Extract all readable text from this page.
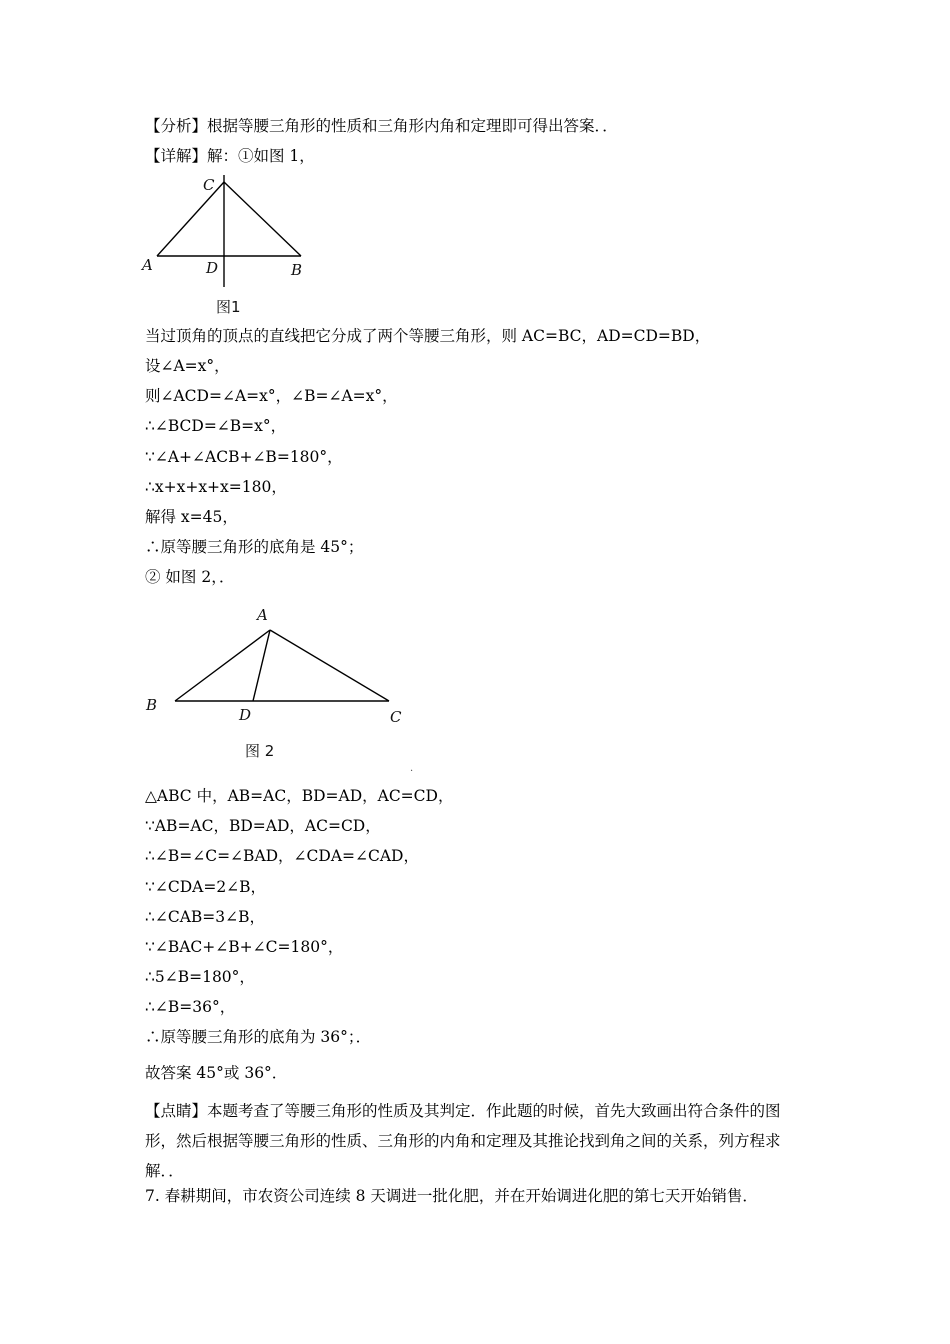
【分析】根据等腰三角形的性质和三角形内角和定理即可得出答案．．
【详解】解：①如图 1，
C
A	D	B
图1
当过顶角的顶点的直线把它分成了两个等腰三角形，则 AC=BC，AD=CD=BD，
设∠A=x°，
则∠ACD=∠A=x°，∠B=∠A=x°，
∴∠BCD=∠B=x°，
∵∠A+∠ACB+∠B=180°，
∴x+x+x+x=180，
解得 x=45，
∴原等腰三角形的底角是 45°；
② 如图 2，．
A
B
D	C
图 2
·
△ABC 中，AB=AC，BD=AD，AC=CD，
∵AB=AC，BD=AD，AC=CD，
∴∠B=∠C=∠BAD，∠CDA=∠CAD，
∵∠CDA=2∠B，
∴∠CAB=3∠B，
∵∠BAC+∠B+∠C=180°，
∴5∠B=180°，
∴∠B=36°，
∴原等腰三角形的底角为 36°；．
故答案 45°或 36°．
【点睛】本题考查了等腰三角形的性质及其判定．作此题的时候，首先大致画出符合条件的图形，然后根据等腰三角形的性质、三角形的内角和定理及其推论找到角之间的关系，列方程求解．．
7. 春耕期间，市农资公司连续 8 天调进一批化肥，并在开始调进化肥的第七天开始销售．
